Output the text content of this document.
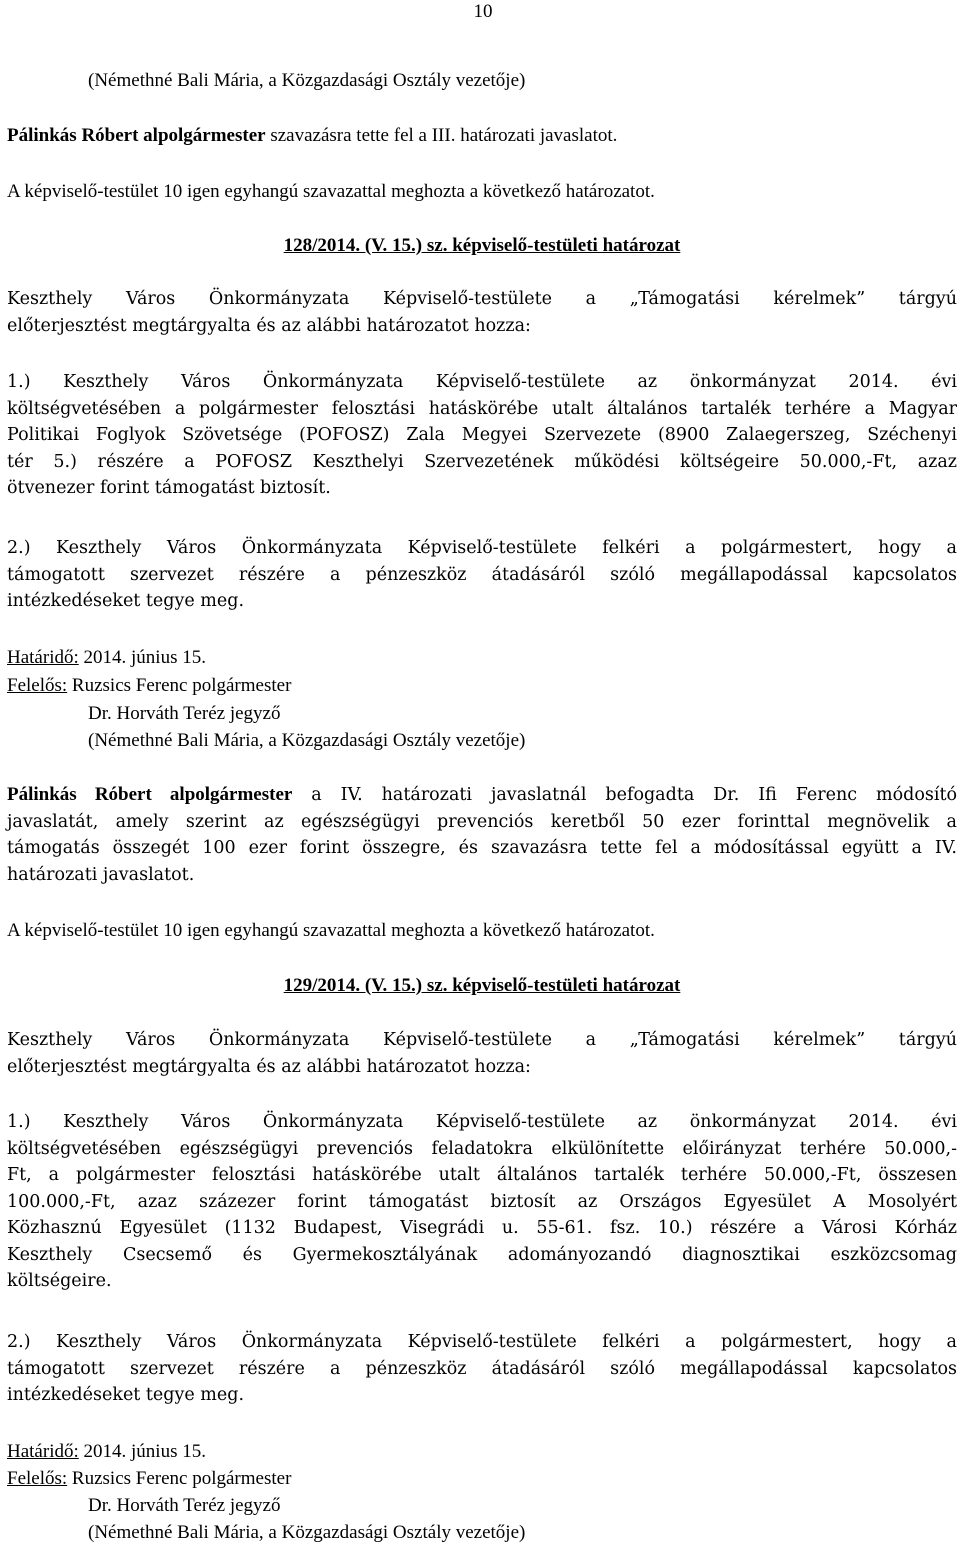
10
(Némethné Bali Mária, a Közgazdasági Osztály vezetője)
Pálinkás Róbert alpolgármester szavazásra tette fel a III. határozati javaslatot.
A képviselő-testület 10 igen egyhangú szavazattal meghozta a következő határozatot.
128/2014. (V. 15.) sz. képviselő-testületi határozat
Keszthely Város Önkormányzata Képviselő-testülete a „Támogatási kérelmek” tárgyú
előterjesztést megtárgyalta és az alábbi határozatot hozza:
1.) Keszthely Város Önkormányzata Képviselő-testülete az önkormányzat 2014. évi
költségvetésében a polgármester felosztási hatáskörébe utalt általános tartalék terhére a Magyar
Politikai Foglyok Szövetsége (POFOSZ) Zala Megyei Szervezete (8900 Zalaegerszeg, Széchenyi
tér 5.) részére a POFOSZ Keszthelyi Szervezetének működési költségeire 50.000,-Ft, azaz
ötvenezer forint támogatást biztosít.
2.) Keszthely Város Önkormányzata Képviselő-testülete felkéri a polgármestert, hogy a
támogatott szervezet részére a pénzeszköz átadásáról szóló megállapodással kapcsolatos
intézkedéseket tegye meg.
Határidő: 2014. június 15.
Felelős: Ruzsics Ferenc polgármester
Dr. Horváth Teréz jegyző
(Némethné Bali Mária, a Közgazdasági Osztály vezetője)
Pálinkás Róbert alpolgármester a IV. határozati javaslatnál befogadta Dr. Ifi Ferenc módosító
javaslatát, amely szerint az egészségügyi prevenciós keretből 50 ezer forinttal megnövelik a
támogatás összegét 100 ezer forint összegre, és szavazásra tette fel a módosítással együtt a IV.
határozati javaslatot.
A képviselő-testület 10 igen egyhangú szavazattal meghozta a következő határozatot.
129/2014. (V. 15.) sz. képviselő-testületi határozat
Keszthely Város Önkormányzata Képviselő-testülete a „Támogatási kérelmek” tárgyú
előterjesztést megtárgyalta és az alábbi határozatot hozza:
1.) Keszthely Város Önkormányzata Képviselő-testülete az önkormányzat 2014. évi
költségvetésében egészségügyi prevenciós feladatokra elkülönítette előirányzat terhére 50.000,-
Ft, a polgármester felosztási hatáskörébe utalt általános tartalék terhére 50.000,-Ft, összesen
100.000,-Ft, azaz százezer forint támogatást biztosít az Országos Egyesület A Mosolyért
Közhasznú Egyesület (1132 Budapest, Visegrádi u. 55-61. fsz. 10.) részére a Városi Kórház
Keszthely Csecsemő és Gyermekosztályának adományozandó diagnosztikai eszközcsomag
költségeire.
2.) Keszthely Város Önkormányzata Képviselő-testülete felkéri a polgármestert, hogy a
támogatott szervezet részére a pénzeszköz átadásáról szóló megállapodással kapcsolatos
intézkedéseket tegye meg.
Határidő: 2014. június 15.
Felelős: Ruzsics Ferenc polgármester
Dr. Horváth Teréz jegyző
(Némethné Bali Mária, a Közgazdasági Osztály vezetője)
